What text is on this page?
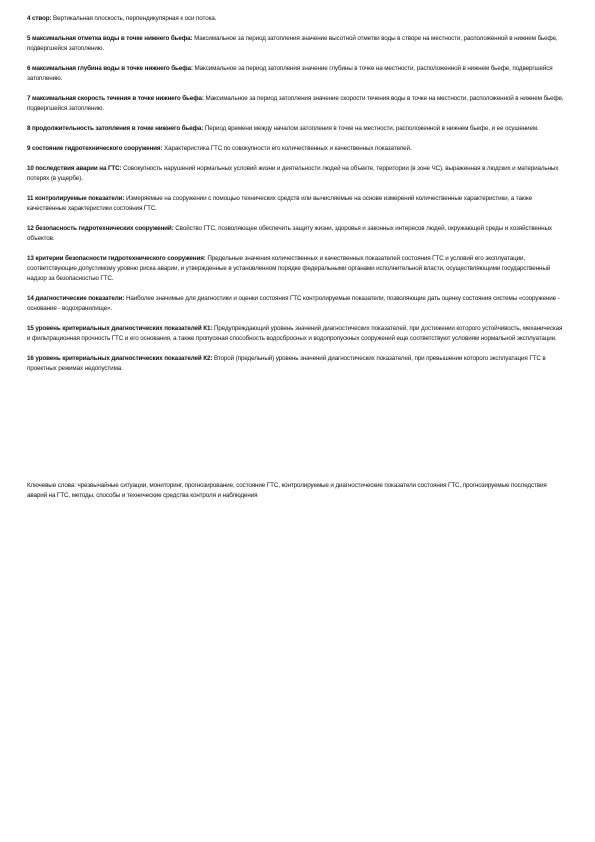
4 створ: Вертикальная плоскость, перпендикулярная к оси потока.

5 максимальная отметка воды в точке нижнего бьефа: Максимальное за период затопления значение высотной отметки воды в створе на местности, расположенной в нижнем бьефе, подвергшейся затоплению.

6 максимальная глубина воды в точке нижнего бьефа: Максимальное за период затопления значение глубины в точке на местности, расположенной в нижнем бьефе, подвергшейся затоплению.

7 максимальная скорость течения в точке нижнего бьефа: Максимальное за период затопления значение скорости течения воды в точке на местности, расположенной в нижнем бьефе, подвергшейся затоплению.

8 продолжительность затопления в точке нижнего бьефа: Период времени между началом затопления в точке на местности, расположенной в нижнем бьефе, и ее осушением.

9 состояние гидротехнического сооружения: Характеристика ГТС по совокупности его количественных и качественных показателей.

10 последствия аварии на ГТС: Совокупность нарушений нормальных условий жизни и деятельности людей на объекте, территории (в зоне ЧС), выраженная в людских и материальных потерях (в ущербе).

11 контролируемые показатели: Измеряемые на сооружении с помощью технических средств или вычисляемые на основе измерений количественные характеристики, а также качественные характеристики состояния ГТС.

12 безопасность гидротехнических сооружений: Свойство ГТС, позволяющее обеспечить защиту жизни, здоровья и законных интересов людей, окружающей среды и хозяйственных объектов.

13 критерии безопасности гидротехнического сооружения: Предельные значения количественных и качественных показателей состояния ГТС и условий его эксплуатации, соответствующие допустимому уровню риска аварии, и утвержденные в установленном порядке федеральными органами исполнительной власти, осуществляющими государственный надзор за безопасностью ГТС.

14 диагностические показатели: Наиболее значимые для диагностики и оценки состояния ГТС контролируемые показатели, позволяющие дать оценку состояния системы «сооружение - основание - водохранилище».

15 уровень критериальных диагностических показателей К1: Предупреждающий уровень значений диагностических показателей, при достижении которого устойчивость, механическая и фильтрационная прочность ГТС и его основания, а также пропускная способность водосбросных и водопропускных сооружений еще соответствуют условиям нормальной эксплуатации.

16 уровень критериальных диагностических показателей К2: Второй (предельный) уровень значений диагностических показателей, при превышении которого эксплуатация ГТС в проектных режимах недопустима.

Ключевые слова: чрезвычайные ситуации, мониторинг, прогнозирование, состояние ГТС, контролируемые и диагностические показатели состояния ГТС, прогнозируемые последствия аварий на ГТС, методы, способы и технические средства контроля и наблюдения
